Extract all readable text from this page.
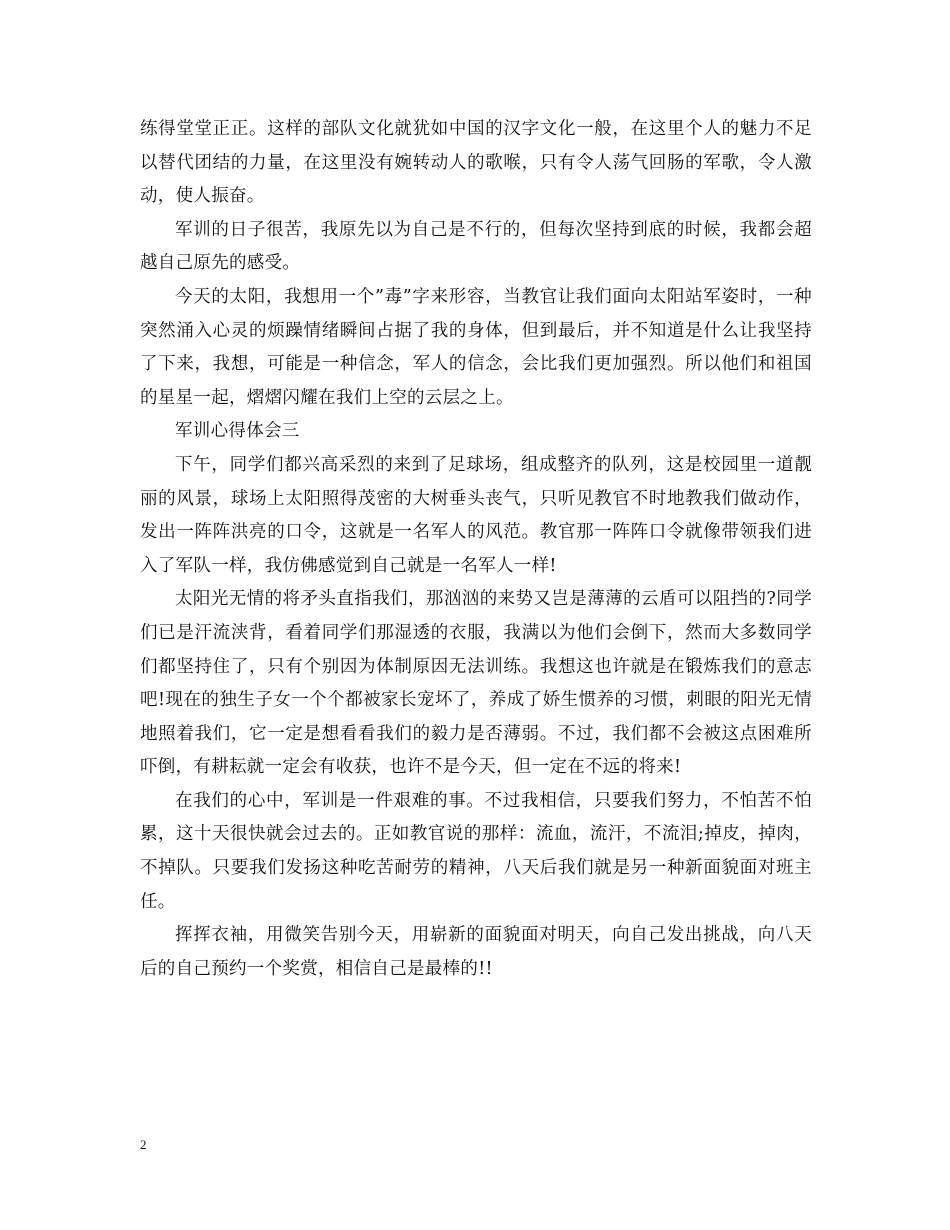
练得堂堂正正。这样的部队文化就犹如中国的汉字文化一般，在这里个人的魅力不足以替代团结的力量，在这里没有婉转动人的歌喉，只有令人荡气回肠的军歌，令人激动，使人振奋。

军训的日子很苦，我原先以为自己是不行的，但每次坚持到底的时候，我都会超越自己原先的感受。

今天的太阳，我想用一个”毒”字来形容，当教官让我们面向太阳站军姿时，一种突然涌入心灵的烦躁情绪瞬间占据了我的身体，但到最后，并不知道是什么让我坚持了下来，我想，可能是一种信念，军人的信念，会比我们更加强烈。所以他们和祖国的星星一起，熠熠闪耀在我们上空的云层之上。

军训心得体会三

下午，同学们都兴高采烈的来到了足球场，组成整齐的队列，这是校园里一道靓丽的风景，球场上太阳照得茂密的大树垂头丧气，只听见教官不时地教我们做动作，发出一阵阵洪亮的口令，这就是一名军人的风范。教官那一阵阵口令就像带领我们进入了军队一样，我仿佛感觉到自己就是一名军人一样!

太阳光无情的将矛头直指我们，那汹汹的来势又岂是薄薄的云盾可以阻挡的?同学们已是汗流浃背，看着同学们那湿透的衣服，我满以为他们会倒下，然而大多数同学们都坚持住了，只有个别因为体制原因无法训练。我想这也许就是在锻炼我们的意志吧!现在的独生子女一个个都被家长宠坏了，养成了娇生惯养的习惯，刺眼的阳光无情地照着我们，它一定是想看看我们的毅力是否薄弱。不过，我们都不会被这点困难所吓倒，有耕耘就一定会有收获，也许不是今天，但一定在不远的将来!

在我们的心中，军训是一件艰难的事。不过我相信，只要我们努力，不怕苦不怕累，这十天很快就会过去的。正如教官说的那样：流血，流汗，不流泪;掉皮，掉肉，不掉队。只要我们发扬这种吃苦耐劳的精神，八天后我们就是另一种新面貌面对班主任。

挥挥衣袖，用微笑告别今天，用崭新的面貌面对明天，向自己发出挑战，向八天后的自己预约一个奖赏，相信自己是最棒的!!

2
